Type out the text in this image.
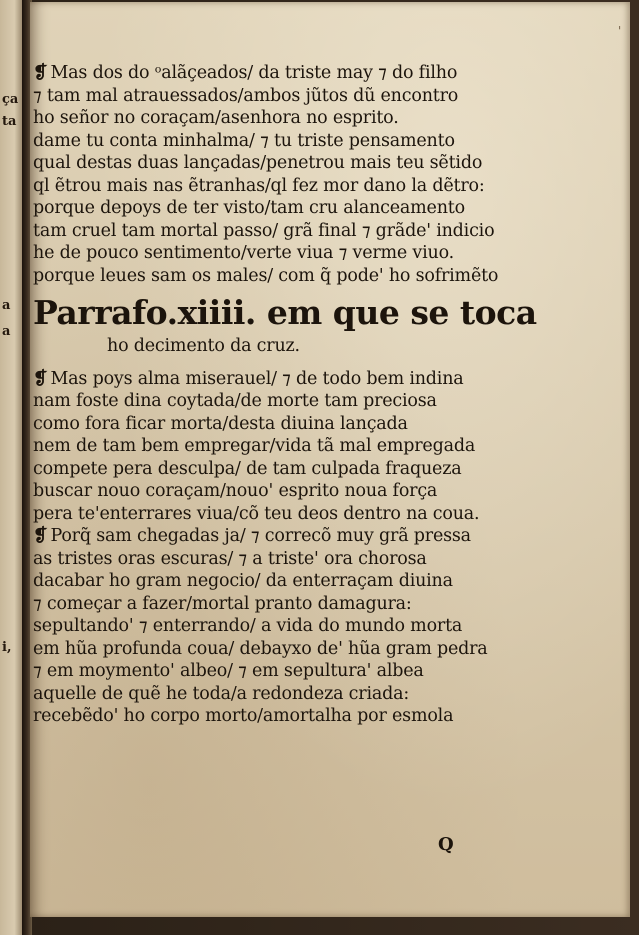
ça
ta
a
a
i,
'
❡ Mas dos do ᵒalãçeados/ da triste may ⁊ do filho
⁊ tam mal atrauessados/ambos jũtos dũ encontro
ho señor no coraçam/asenhora no esprito.
dame tu conta minhalma/ ⁊ tu triste pensamento
qual destas duas lançadas/penetrou mais teu sẽtido
ql ẽtrou mais nas ẽtranhas/ql fez mor dano la dẽtro:
porque depoys de ter visto/tam cru alanceamento
tam cruel tam mortal passo/ grã final ⁊ grãde' indicio
he de pouco sentimento/verte viua ⁊ verme viuo.
porque leues sam os males/ com q̃ pode' ho sofrimẽto
Parrafo.xiiii. em que se toca
ho decimento da cruz.
❡ Mas poys alma miserauel/ ⁊ de todo bem indina
nam foste dina coytada/de morte tam preciosa
como fora ficar morta/desta diuina lançada
nem de tam bem empregar/vida tã mal empregada
compete pera desculpa/ de tam culpada fraqueza
buscar nouo coraçam/nouo' esprito noua força
pera te'enterrares viua/cõ teu deos dentro na coua.
❡ Porq̃ sam chegadas ja/ ⁊ correcõ muy grã pressa
as tristes oras escuras/ ⁊ a triste' ora chorosa
dacabar ho gram negocio/ da enterraçam diuina
⁊ começar a fazer/mortal pranto damagura:
sepultando' ⁊ enterrando/ a vida do mundo morta
em hũa profunda coua/ debayxo de' hũa gram pedra
⁊ em moymento' albeo/ ⁊ em sepultura' albea
aquelle de quẽ he toda/a redondeza criada:
recebẽdo' ho corpo morto/amortalha por esmola
Q
